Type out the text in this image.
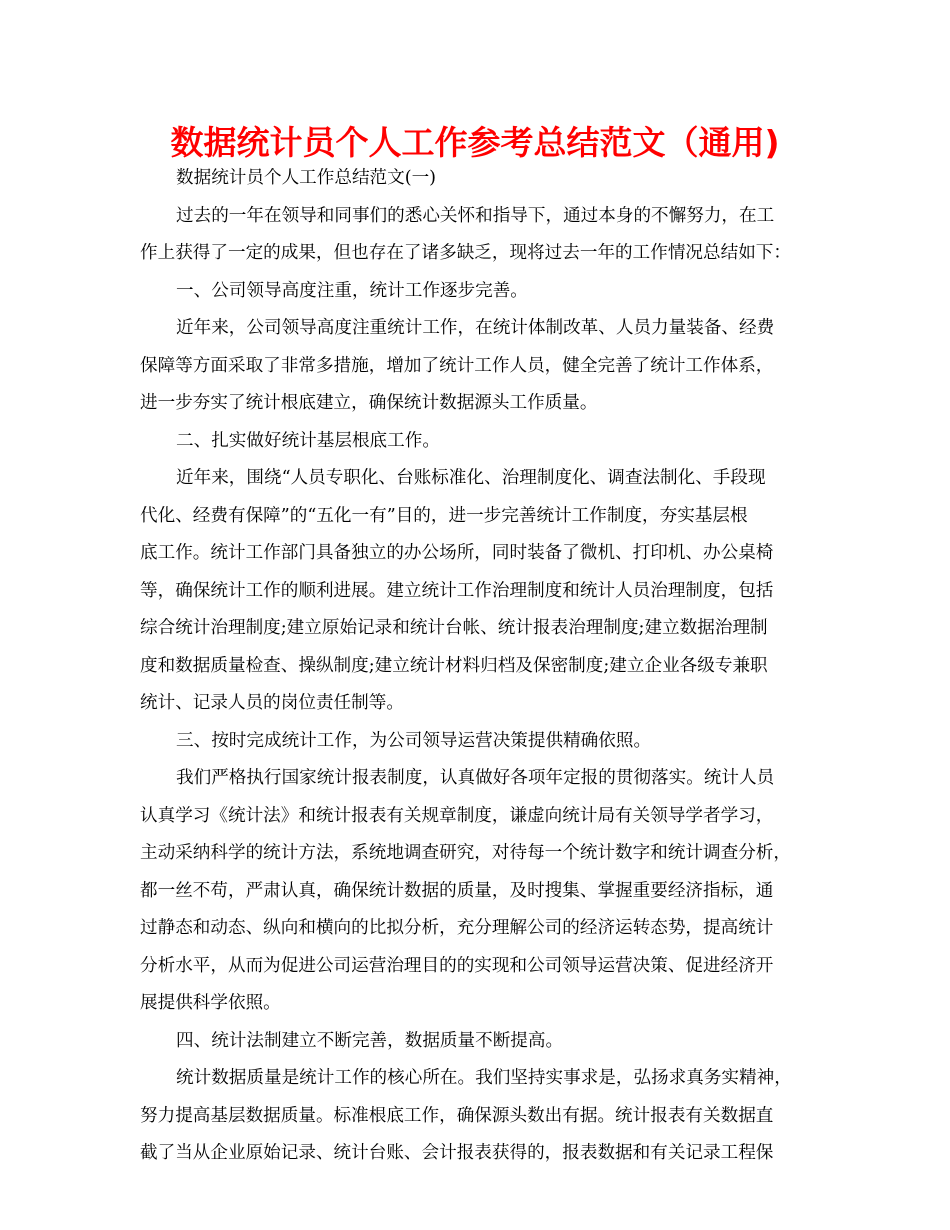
数据统计员个人工作参考总结范文（通用)
数据统计员个人工作总结范文(一)
过去的一年在领导和同事们的悉心关怀和指导下，通过本身的不懈努力，在工
作上获得了一定的成果，但也存在了诸多缺乏，现将过去一年的工作情况总结如下：
一、公司领导高度注重，统计工作逐步完善。
近年来，公司领导高度注重统计工作，在统计体制改革、人员力量装备、经费
保障等方面采取了非常多措施，增加了统计工作人员，健全完善了统计工作体系，
进一步夯实了统计根底建立，确保统计数据源头工作质量。
二、扎实做好统计基层根底工作。
近年来，围绕“人员专职化、台账标准化、治理制度化、调查法制化、手段现
代化、经费有保障”的“五化一有”目的，进一步完善统计工作制度，夯实基层根
底工作。统计工作部门具备独立的办公场所，同时装备了微机、打印机、办公桌椅
等，确保统计工作的顺利进展。建立统计工作治理制度和统计人员治理制度，包括
综合统计治理制度;建立原始记录和统计台帐、统计报表治理制度;建立数据治理制
度和数据质量检查、操纵制度;建立统计材料归档及保密制度;建立企业各级专兼职
统计、记录人员的岗位责任制等。
三、按时完成统计工作，为公司领导运营决策提供精确依照。
我们严格执行国家统计报表制度，认真做好各项年定报的贯彻落实。统计人员
认真学习《统计法》和统计报表有关规章制度，谦虚向统计局有关领导学者学习，
主动采纳科学的统计方法，系统地调查研究，对待每一个统计数字和统计调查分析，
都一丝不苟，严肃认真，确保统计数据的质量，及时搜集、掌握重要经济指标，通
过静态和动态、纵向和横向的比拟分析，充分理解公司的经济运转态势，提高统计
分析水平，从而为促进公司运营治理目的的实现和公司领导运营决策、促进经济开
展提供科学依照。
四、统计法制建立不断完善，数据质量不断提高。
统计数据质量是统计工作的核心所在。我们坚持实事求是，弘扬求真务实精神，
努力提高基层数据质量。标准根底工作，确保源头数出有据。统计报表有关数据直
截了当从企业原始记录、统计台账、会计报表获得的，报表数据和有关记录工程保
